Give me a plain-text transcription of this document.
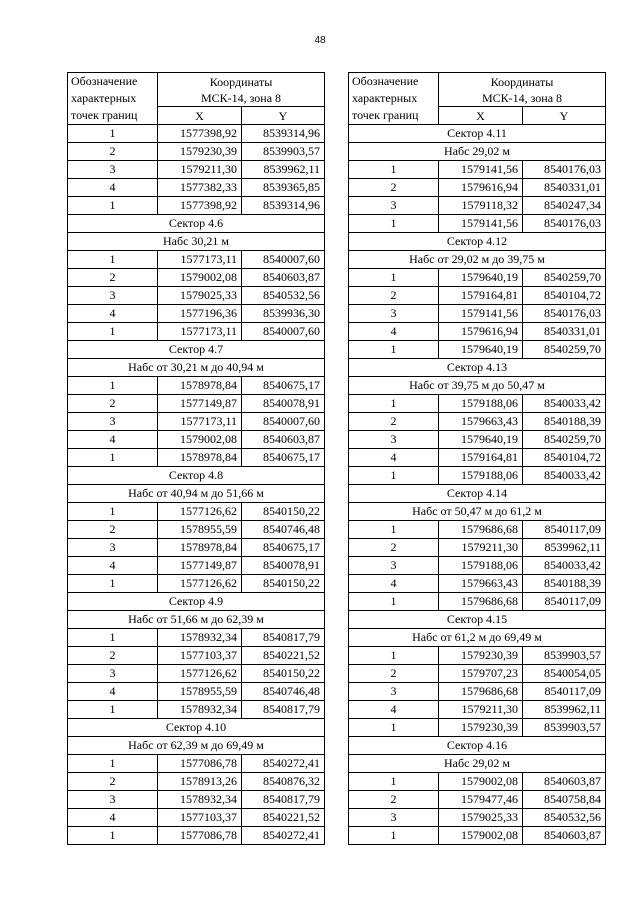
48
Обозначение
характерных
точек границ	Координаты
МСК-14, зона 8	

	X	Y
1	1577398,92	8539314,96
2	1579230,39	8539903,57
3	1579211,30	8539962,11
4	1577382,33	8539365,85
1	1577398,92	8539314,96
Сектор 4.6		
Набс 30,21 м		
1	1577173,11	8540007,60
2	1579002,08	8540603,87
3	1579025,33	8540532,56
4	1577196,36	8539936,30
1	1577173,11	8540007,60
Сектор 4.7		
Набс от 30,21 м до 40,94 м		
1	1578978,84	8540675,17
2	1577149,87	8540078,91
3	1577173,11	8540007,60
4	1579002,08	8540603,87
1	1578978,84	8540675,17
Сектор 4.8		
Набс от 40,94 м до 51,66 м		
1	1577126,62	8540150,22
2	1578955,59	8540746,48
3	1578978,84	8540675,17
4	1577149,87	8540078,91
1	1577126,62	8540150,22
Сектор 4.9		
Набс от 51,66 м до 62,39 м		
1	1578932,34	8540817,79
2	1577103,37	8540221,52
3	1577126,62	8540150,22
4	1578955,59	8540746,48
1	1578932,34	8540817,79
Сектор 4.10		
Набс от 62,39 м до 69,49 м		
1	1577086,78	8540272,41
2	1578913,26	8540876,32
3	1578932,34	8540817,79
4	1577103,37	8540221,52
1	1577086,78	8540272,41
Обозначение
характерных
точек границ	Координаты
МСК-14, зона 8	

	X	Y
Сектор 4.11		
Набс 29,02 м		
1	1579141,56	8540176,03
2	1579616,94	8540331,01
3	1579118,32	8540247,34
1	1579141,56	8540176,03
Сектор 4.12		
Набс от 29,02 м до 39,75 м		
1	1579640,19	8540259,70
2	1579164,81	8540104,72
3	1579141,56	8540176,03
4	1579616,94	8540331,01
1	1579640,19	8540259,70
Сектор 4.13		
Набс от 39,75 м до 50,47 м		
1	1579188,06	8540033,42
2	1579663,43	8540188,39
3	1579640,19	8540259,70
4	1579164,81	8540104,72
1	1579188,06	8540033,42
Сектор 4.14		
Набс от 50,47 м до 61,2 м		
1	1579686,68	8540117,09
2	1579211,30	8539962,11
3	1579188,06	8540033,42
4	1579663,43	8540188,39
1	1579686,68	8540117,09
Сектор 4.15		
Набс от 61,2 м до 69,49 м		
1	1579230,39	8539903,57
2	1579707,23	8540054,05
3	1579686,68	8540117,09
4	1579211,30	8539962,11
1	1579230,39	8539903,57
Сектор 4.16		
Набс 29,02 м		
1	1579002,08	8540603,87
2	1579477,46	8540758,84
3	1579025,33	8540532,56
1	1579002,08	8540603,87
